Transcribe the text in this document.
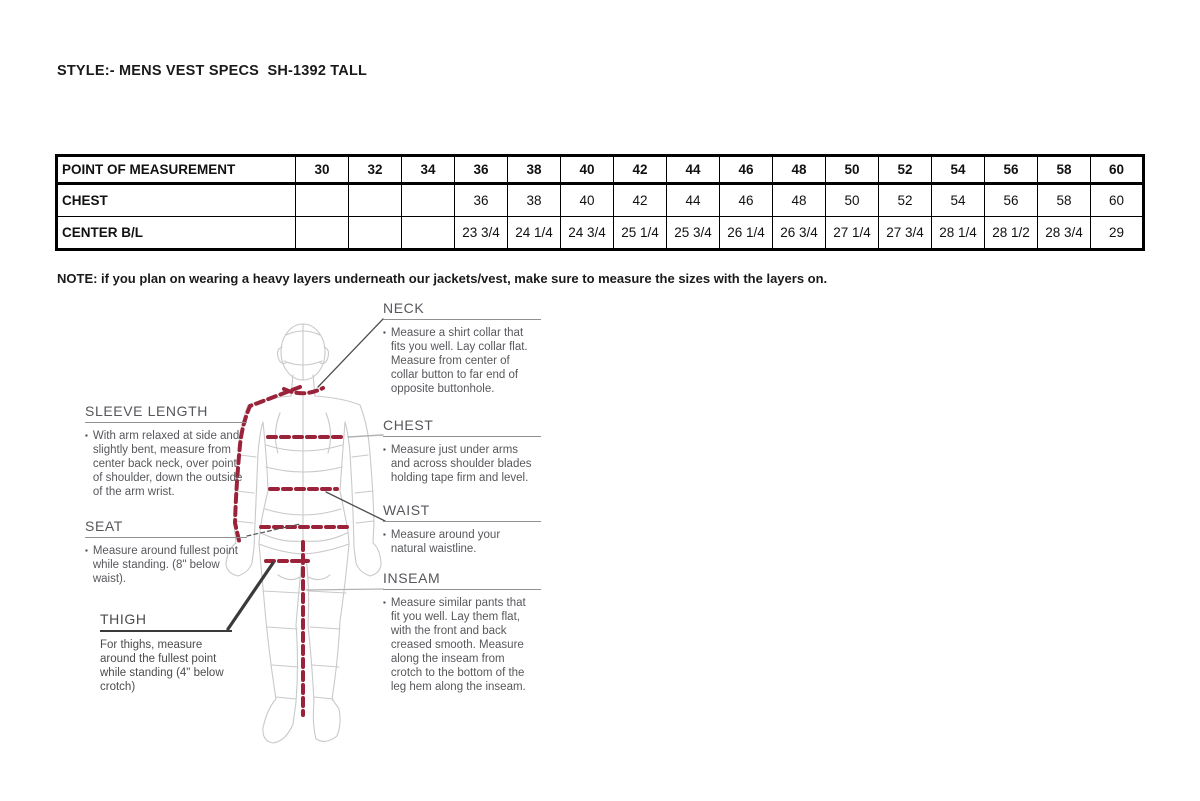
STYLE:- MENS VEST SPECS  SH-1392 TALL
POINT OF MEASUREMENT	30	32	34	36	38	40	42	44	46	48	50	52	54	56	58	60
CHEST				36	38	40	42	44	46	48	50	52	54	56	58	60
CENTER B/L				23 3/4	24 1/4	24 3/4	25 1/4	25 3/4	26 1/4	26 3/4	27 1/4	27 3/4	28 1/4	28 1/2	28 3/4	29
NOTE: if you plan on wearing a heavy layers underneath our jackets/vest, make sure to measure the sizes with the layers on.
NECK
▪ Measure a shirt collar that fits you well. Lay collar flat. Measure from center of collar button to far end of opposite buttonhole.
CHEST
▪ Measure just under arms and across shoulder blades holding tape firm and level.
WAIST
▪ Measure around your natural waistline.
INSEAM
▪ Measure similar pants that fit you well. Lay them flat, with the front and back creased smooth. Measure along the inseam from crotch to the bottom of the leg hem along the inseam.
SLEEVE LENGTH
▪ With arm relaxed at side and slightly bent, measure from center back neck, over point of shoulder, down the outside of the arm wrist.
SEAT
▪ Measure around fullest point while standing. (8" below waist).
THIGH
For thighs, measure around the fullest point while standing (4" below crotch)
